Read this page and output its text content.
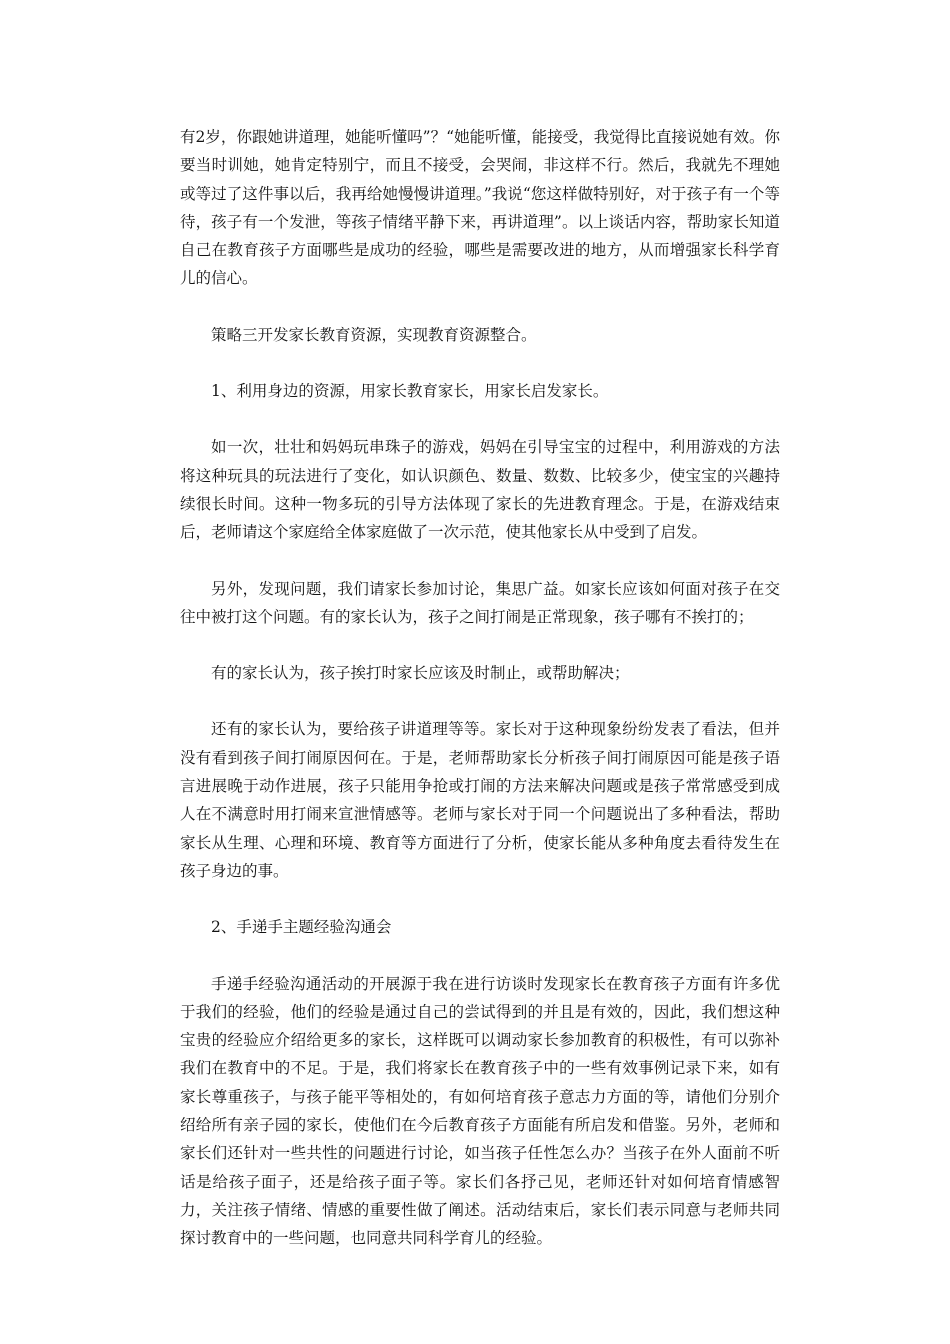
有2岁，你跟她讲道理，她能听懂吗”？“她能听懂，能接受，我觉得比直接说她有效。你要当时训她，她肯定特别宁，而且不接受，会哭闹，非这样不行。然后，我就先不理她或等过了这件事以后，我再给她慢慢讲道理。”我说“您这样做特别好，对于孩子有一个等待，孩子有一个发泄，等孩子情绪平静下来，再讲道理”。以上谈话内容，帮助家长知道自己在教育孩子方面哪些是成功的经验，哪些是需要改进的地方，从而增强家长科学育儿的信心。

策略三开发家长教育资源，实现教育资源整合。

1、利用身边的资源，用家长教育家长，用家长启发家长。

如一次，壮壮和妈妈玩串珠子的游戏，妈妈在引导宝宝的过程中，利用游戏的方法将这种玩具的玩法进行了变化，如认识颜色、数量、数数、比较多少，使宝宝的兴趣持续很长时间。这种一物多玩的引导方法体现了家长的先进教育理念。于是，在游戏结束后，老师请这个家庭给全体家庭做了一次示范，使其他家长从中受到了启发。

另外，发现问题，我们请家长参加讨论，集思广益。如家长应该如何面对孩子在交往中被打这个问题。有的家长认为，孩子之间打闹是正常现象，孩子哪有不挨打的；

有的家长认为，孩子挨打时家长应该及时制止，或帮助解决；

还有的家长认为，要给孩子讲道理等等。家长对于这种现象纷纷发表了看法，但并没有看到孩子间打闹原因何在。于是，老师帮助家长分析孩子间打闹原因可能是孩子语言进展晚于动作进展，孩子只能用争抢或打闹的方法来解决问题或是孩子常常感受到成人在不满意时用打闹来宣泄情感等。老师与家长对于同一个问题说出了多种看法，帮助家长从生理、心理和环境、教育等方面进行了分析，使家长能从多种角度去看待发生在孩子身边的事。

2、手递手主题经验沟通会

手递手经验沟通活动的开展源于我在进行访谈时发现家长在教育孩子方面有许多优于我们的经验，他们的经验是通过自己的尝试得到的并且是有效的，因此，我们想这种宝贵的经验应介绍给更多的家长，这样既可以调动家长参加教育的积极性，有可以弥补我们在教育中的不足。于是，我们将家长在教育孩子中的一些有效事例记录下来，如有家长尊重孩子，与孩子能平等相处的，有如何培育孩子意志力方面的等，请他们分别介绍给所有亲子园的家长，使他们在今后教育孩子方面能有所启发和借鉴。另外，老师和家长们还针对一些共性的问题进行讨论，如当孩子任性怎么办？当孩子在外人面前不听话是给孩子面子，还是给孩子面子等。家长们各抒己见，老师还针对如何培育情感智力，关注孩子情绪、情感的重要性做了阐述。活动结束后，家长们表示同意与老师共同探讨教育中的一些问题，也同意共同科学育儿的经验。
